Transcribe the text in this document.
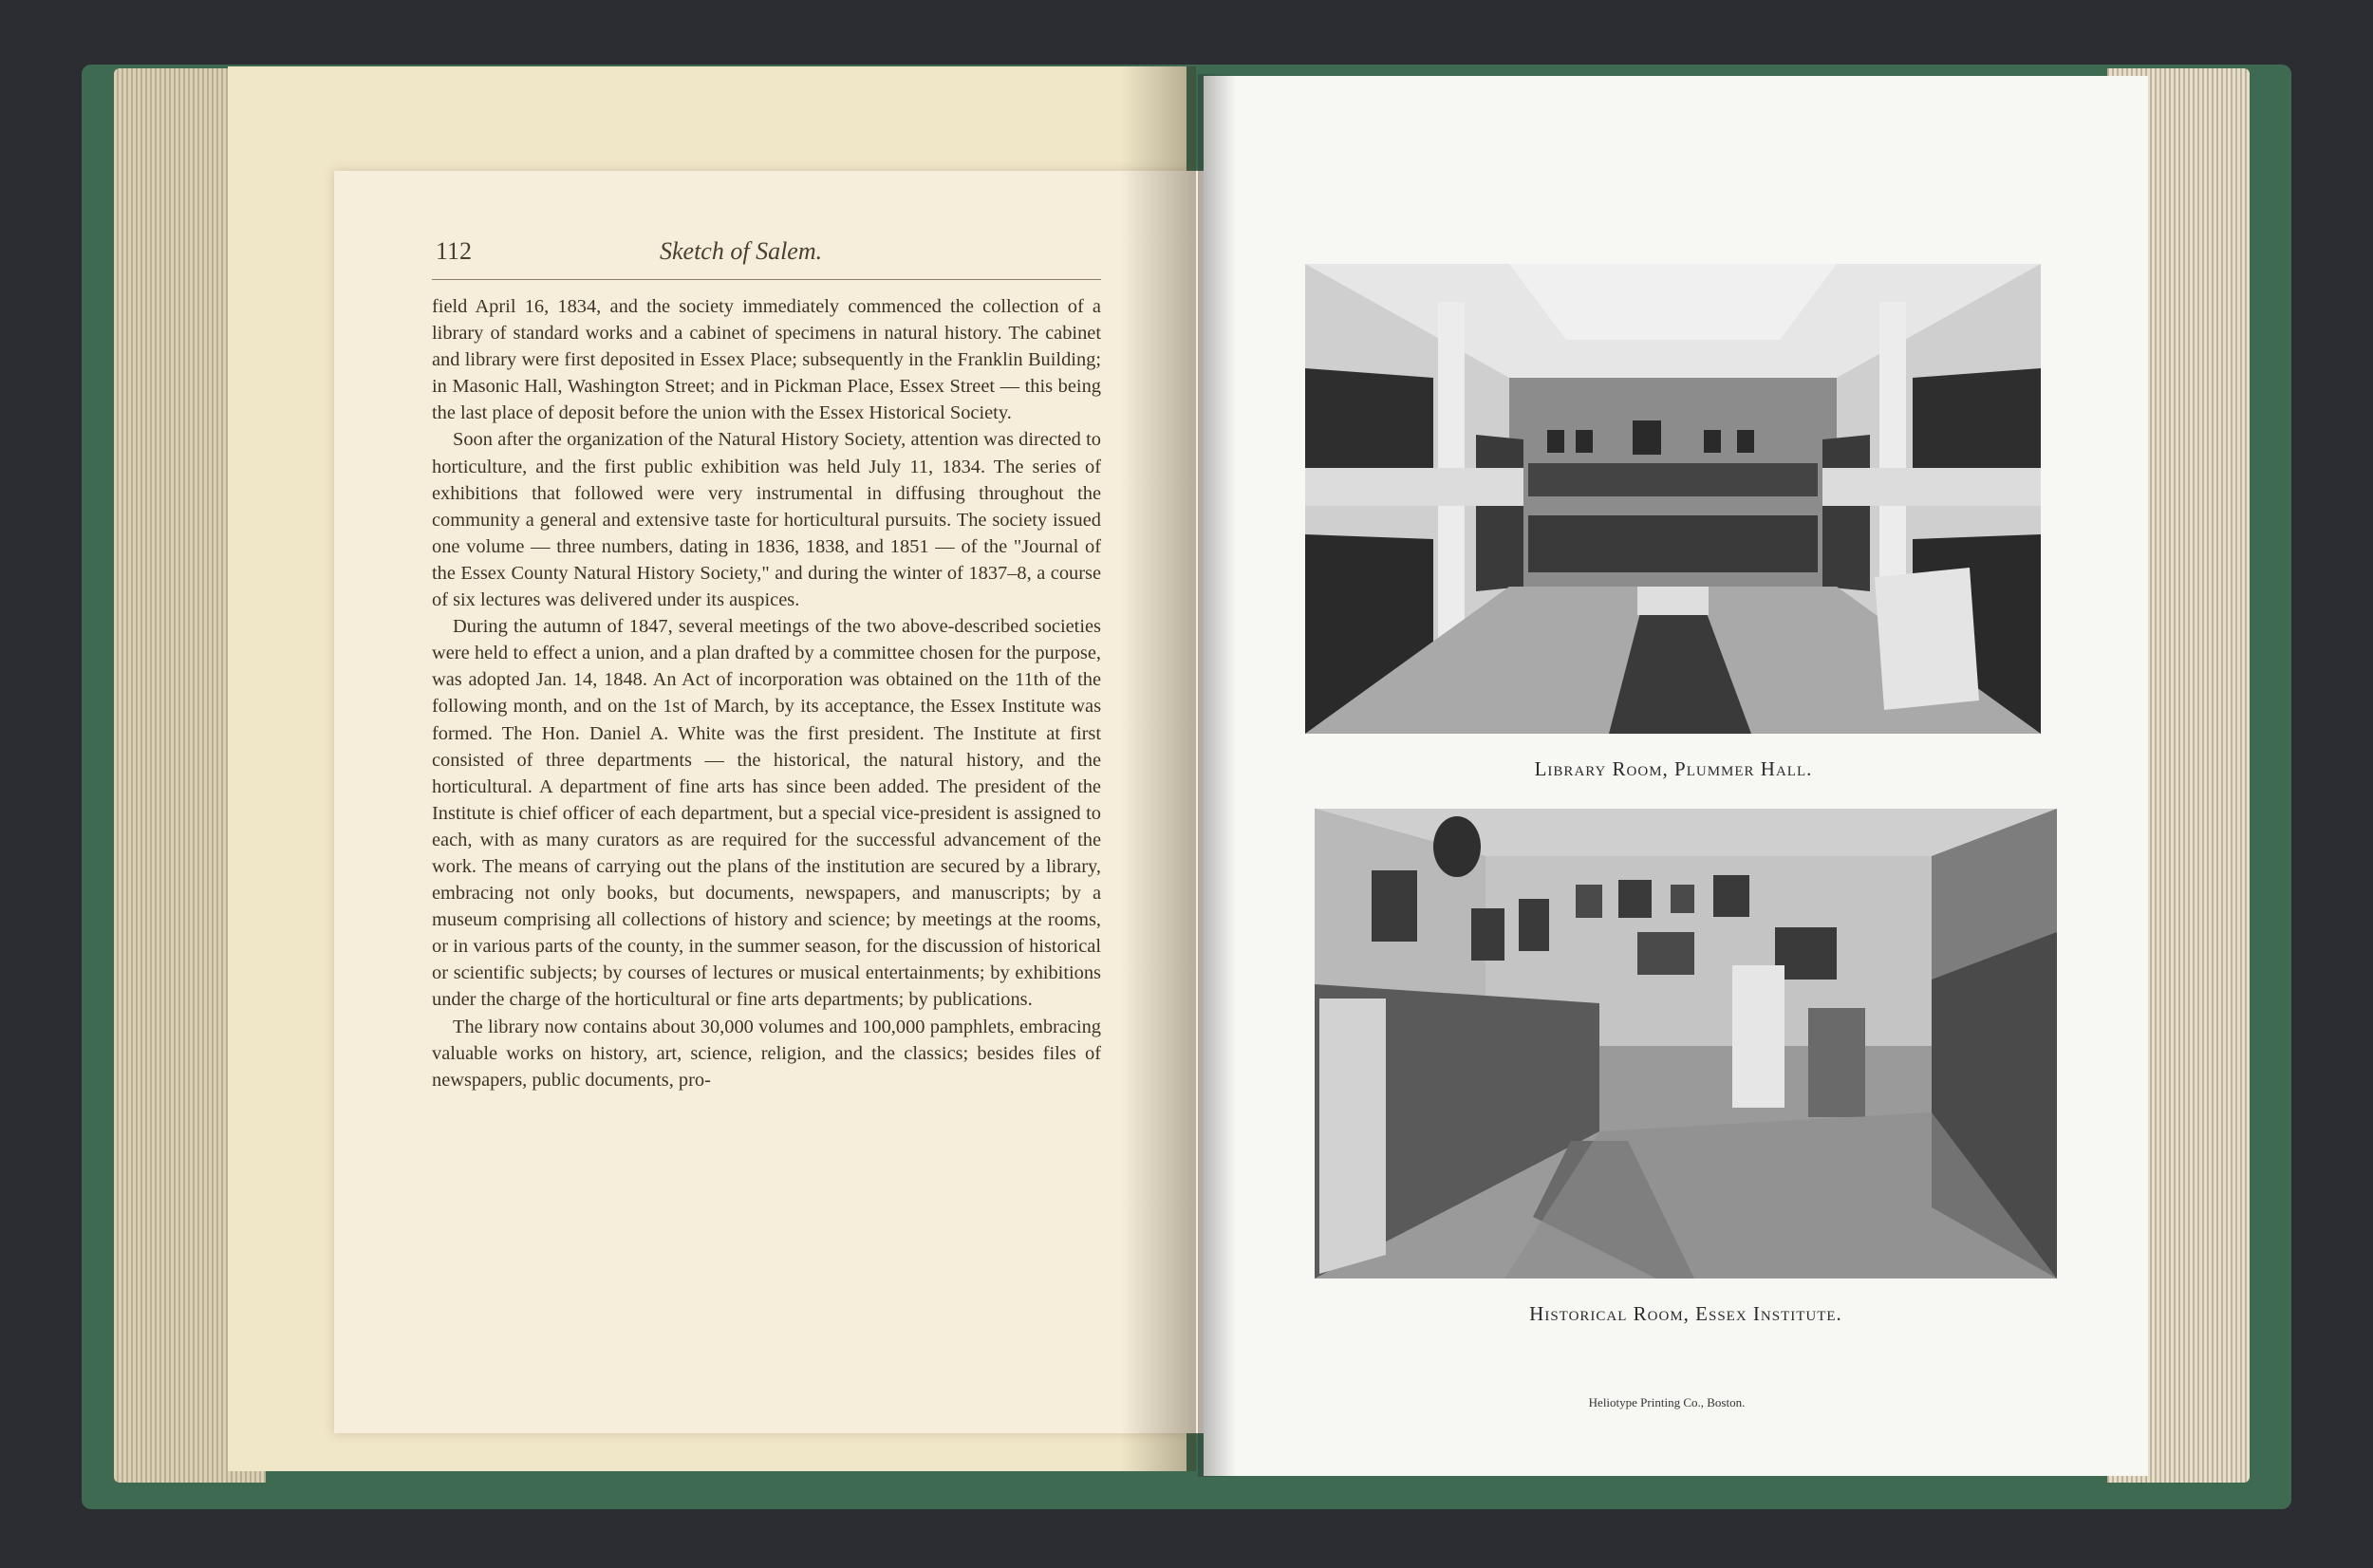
112	Sketch of Salem.

field April 16, 1834, and the society immediately commenced the collection of a library of standard works and a cabinet of specimens in natural history. The cabinet and library were first deposited in Essex Place; subsequently in the Franklin Building; in Masonic Hall, Washington Street; and in Pickman Place, Essex Street — this being the last place of deposit before the union with the Essex Historical Society.

Soon after the organization of the Natural History Society, attention was directed to horticulture, and the first public exhibition was held July 11, 1834. The series of exhibitions that followed were very instrumental in diffusing throughout the community a general and extensive taste for horticultural pursuits. The society issued one volume — three numbers, dating in 1836, 1838, and 1851 — of the "Journal of the Essex County Natural History Society," and during the winter of 1837–8, a course of six lectures was delivered under its auspices.

During the autumn of 1847, several meetings of the two above-described societies were held to effect a union, and a plan drafted by a committee chosen for the purpose, was adopted Jan. 14, 1848. An Act of incorporation was obtained on the 11th of the following month, and on the 1st of March, by its acceptance, the Essex Institute was formed. The Hon. Daniel A. White was the first president. The Institute at first consisted of three departments — the historical, the natural history, and the horticultural. A department of fine arts has since been added. The president of the Institute is chief officer of each department, but a special vice-president is assigned to each, with as many curators as are required for the successful advancement of the work. The means of carrying out the plans of the institution are secured by a library, embracing not only books, but documents, newspapers, and manuscripts; by a museum comprising all collections of history and science; by meetings at the rooms, or in various parts of the county, in the summer season, for the discussion of historical or scientific subjects; by courses of lectures or musical entertainments; by exhibitions under the charge of the horticultural or fine arts departments; by publications.

The library now contains about 30,000 volumes and 100,000 pamphlets, embracing valuable works on history, art, science, religion, and the classics; besides files of newspapers, public documents, pro-

Library Room, Plummer Hall.
Historical Room, Essex Institute.
Heliotype Printing Co., Boston.
